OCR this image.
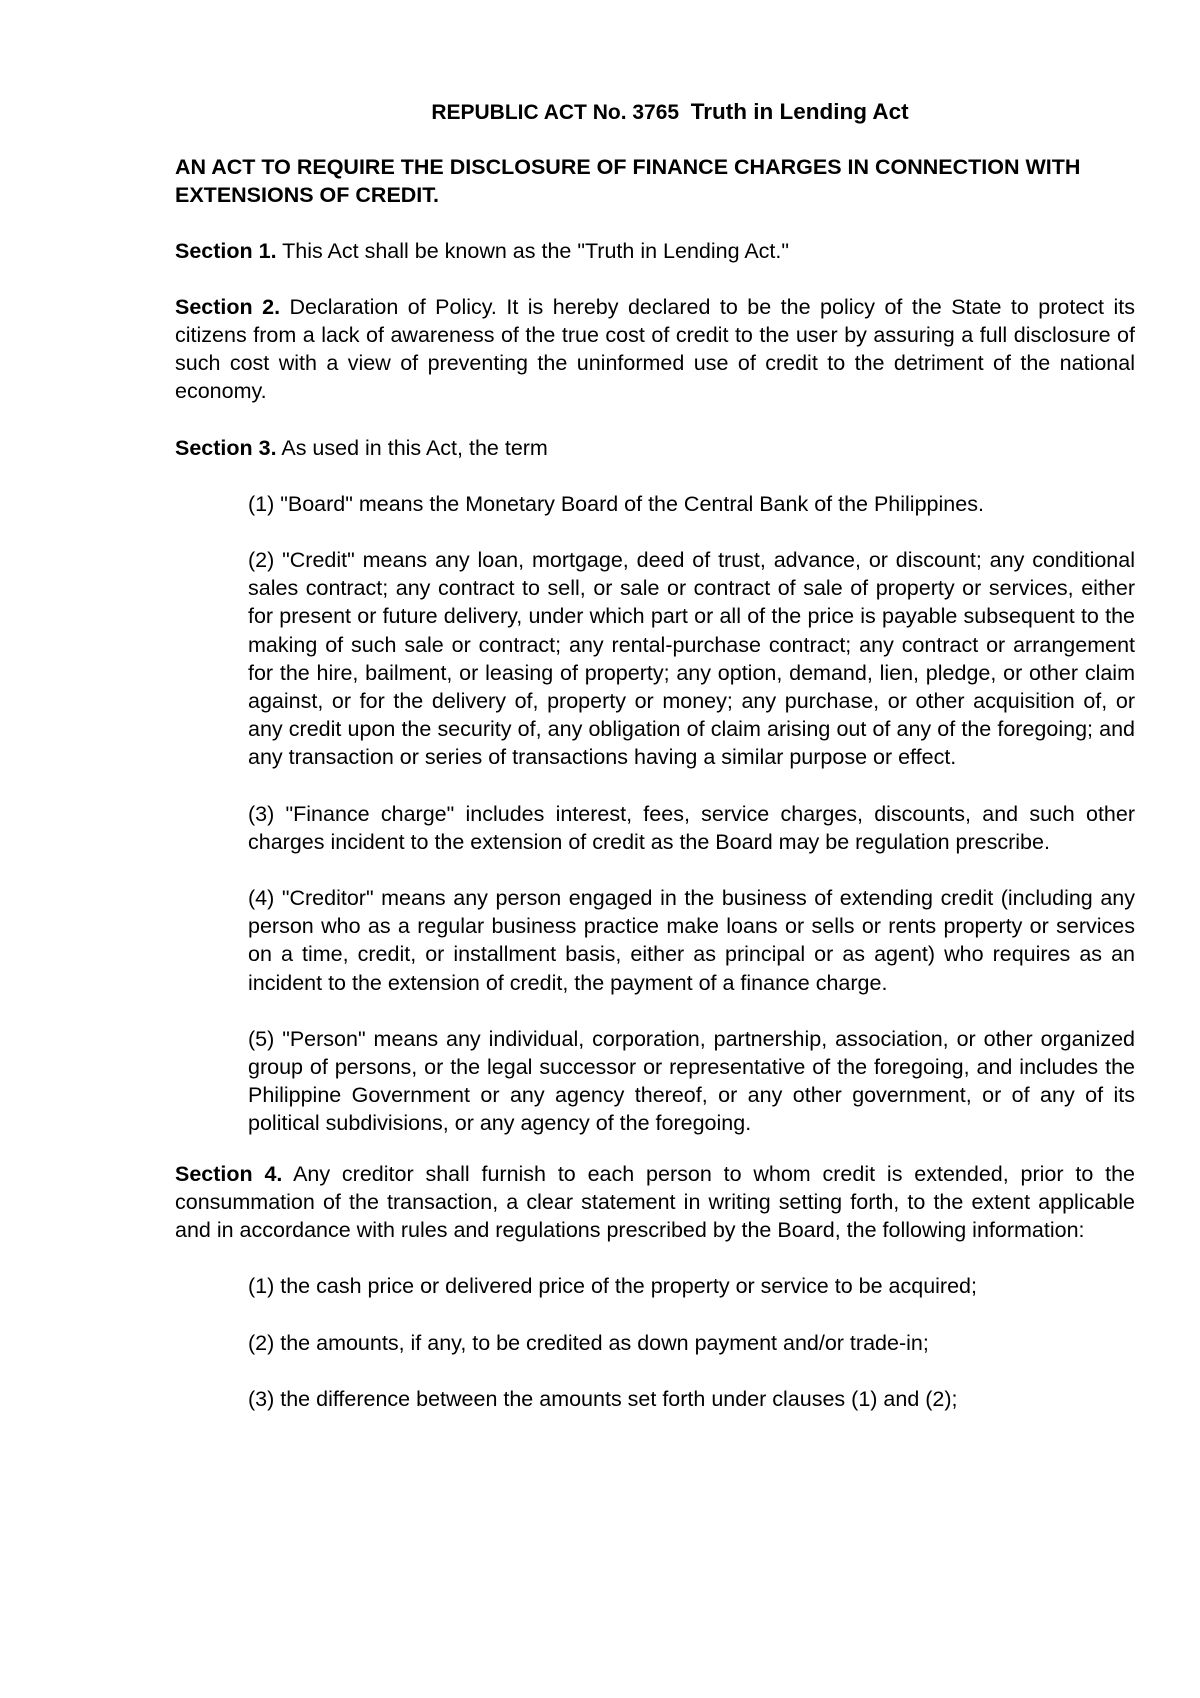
REPUBLIC ACT No. 3765 Truth in Lending Act
AN ACT TO REQUIRE THE DISCLOSURE OF FINANCE CHARGES IN CONNECTION WITH EXTENSIONS OF CREDIT.

Section 1. This Act shall be known as the "Truth in Lending Act."

Section 2. Declaration of Policy. It is hereby declared to be the policy of the State to protect its citizens from a lack of awareness of the true cost of credit to the user by assuring a full disclosure of such cost with a view of preventing the uninformed use of credit to the detriment of the national economy.

Section 3. As used in this Act, the term

(1) "Board" means the Monetary Board of the Central Bank of the Philippines.

(2) "Credit" means any loan, mortgage, deed of trust, advance, or discount; any conditional sales contract; any contract to sell, or sale or contract of sale of property or services, either for present or future delivery, under which part or all of the price is payable subsequent to the making of such sale or contract; any rental-purchase contract; any contract or arrangement for the hire, bailment, or leasing of property; any option, demand, lien, pledge, or other claim against, or for the delivery of, property or money; any purchase, or other acquisition of, or any credit upon the security of, any obligation of claim arising out of any of the foregoing; and any transaction or series of transactions having a similar purpose or effect.

(3) "Finance charge" includes interest, fees, service charges, discounts, and such other charges incident to the extension of credit as the Board may be regulation prescribe.

(4) "Creditor" means any person engaged in the business of extending credit (including any person who as a regular business practice make loans or sells or rents property or services on a time, credit, or installment basis, either as principal or as agent) who requires as an incident to the extension of credit, the payment of a finance charge.

(5) "Person" means any individual, corporation, partnership, association, or other organized group of persons, or the legal successor or representative of the foregoing, and includes the Philippine Government or any agency thereof, or any other government, or of any of its political subdivisions, or any agency of the foregoing.

Section 4. Any creditor shall furnish to each person to whom credit is extended, prior to the consummation of the transaction, a clear statement in writing setting forth, to the extent applicable and in accordance with rules and regulations prescribed by the Board, the following information:

(1) the cash price or delivered price of the property or service to be acquired;

(2) the amounts, if any, to be credited as down payment and/or trade-in;

(3) the difference between the amounts set forth under clauses (1) and (2);
